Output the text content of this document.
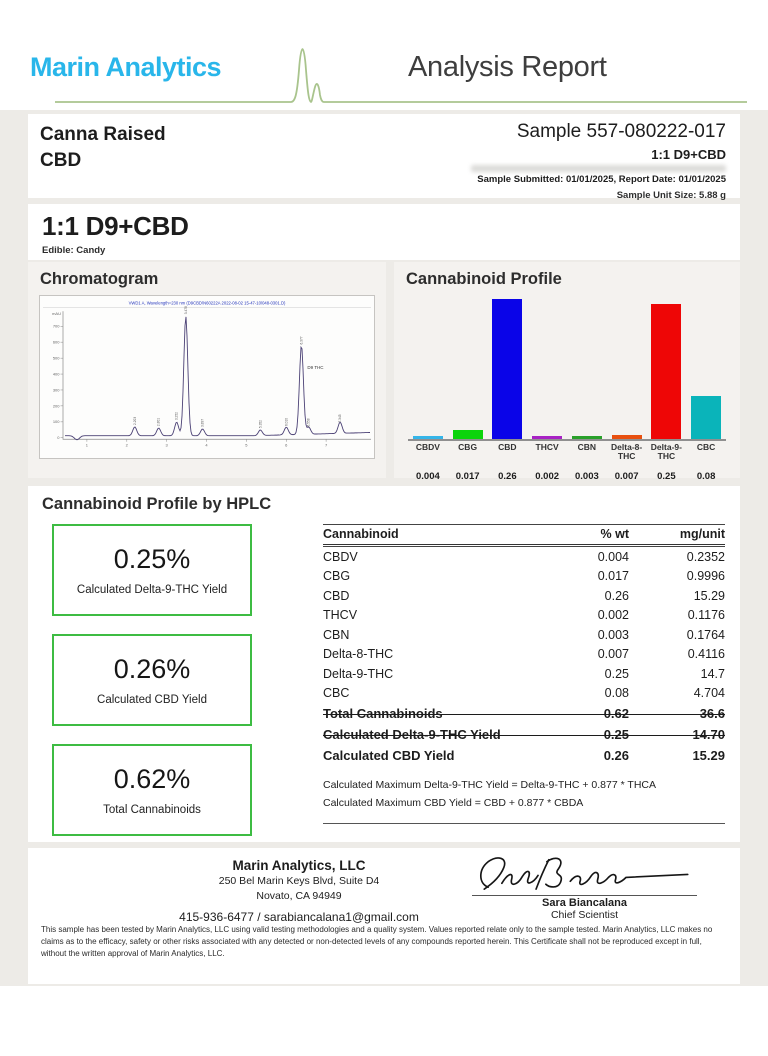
Marin Analytics	Analysis Report
Canna Raised
CBD
Sample 557-080222-017
1:1 D9+CBD
Sample Submitted: 01/01/2025, Report Date: 01/01/2025
Sample Unit Size: 5.88 g
1:1 D9+CBD
Edible: Candy
Chromatogram
VWD1 A, Wavelength=230 nm (D9CBD\N60222A 2022-08-02 15-47-10\048-0301.D)
mAU
700
600
500
400
300
200
100
0
1	2	3	4	5	6	7
2.203	2.801
3.252
3.478
3.897	5.352	6.010
6.377
6.558	7.345
D9 THC
Cannabinoid Profile
CBDV	CBG	CBD	THCV	CBN	Delta-8-THC
Delta-9-THC
CBC
0.004	0.017	0.26	0.002	0.003	0.007	0.25	0.08
Cannabinoid Profile by HPLC
0.25%
Calculated Delta-9-THC Yield
0.26%
Calculated CBD Yield
0.62%
Total Cannabinoids
Cannabinoid	% wt	mg/unit
CBDV	0.004	0.2352
CBG	0.017	0.9996
CBD	0.26	15.29
THCV	0.002	0.1176
CBN	0.003	0.1764
Delta-8-THC	0.007	0.4116
Delta-9-THC	0.25	14.7
CBC	0.08	4.704
Total Cannabinoids	0.62	36.6
Calculated Delta-9-THC Yield	0.25	14.70
Calculated CBD Yield	0.26	15.29
Calculated Maximum Delta-9-THC Yield = Delta-9-THC + 0.877 * THCA
Calculated Maximum CBD Yield = CBD + 0.877 * CBDA
Marin Analytics, LLC
250 Bel Marin Keys Blvd, Suite D4
Novato, CA 94949
415-936-6477 / sarabiancalana1@gmail.com
Sara Biancalana
Chief Scientist
This sample has been tested by Marin Analytics, LLC using valid testing methodologies and a quality system. Values reported relate only to the sample tested. Marin Analytics, LLC makes no claims as to the efficacy, safety or other risks associated with any detected or non-detected levels of any compounds reported herein. This Certificate shall not be reproduced except in full, without the written approval of Marin Analytics, LLC.
